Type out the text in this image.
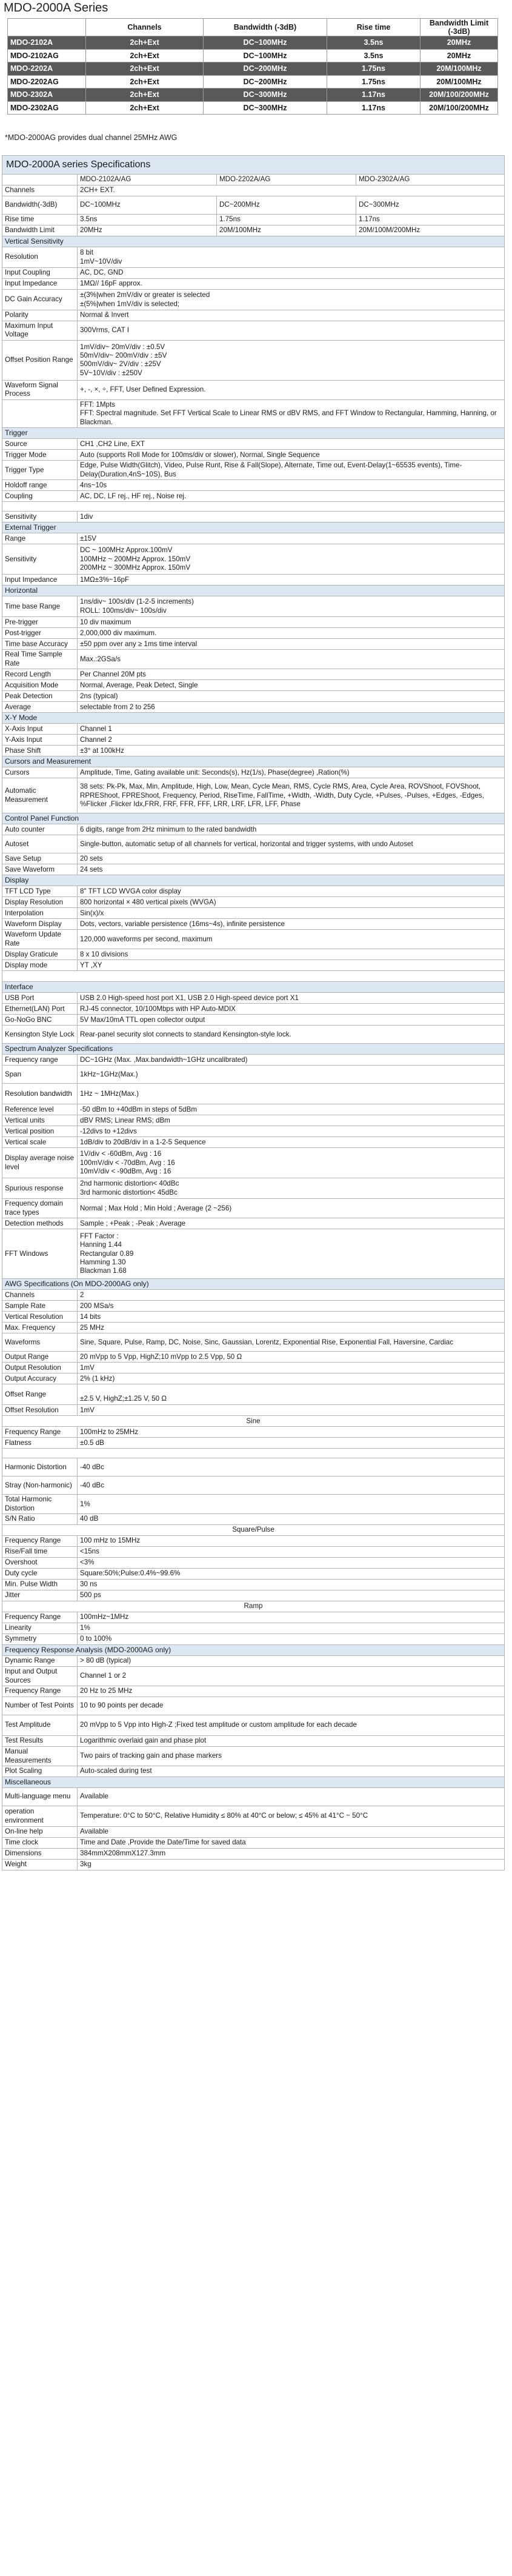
MDO-2000A Series
	Channels	Bandwidth (-3dB)	Rise time	Bandwidth Limit (-3dB)
MDO-2102A	2ch+Ext	DC~100MHz	3.5ns	20MHz
MDO-2102AG	2ch+Ext	DC~100MHz	3.5ns	20MHz
MDO-2202A	2ch+Ext	DC~200MHz	1.75ns	20M/100MHz
MDO-2202AG	2ch+Ext	DC~200MHz	1.75ns	20M/100MHz
MDO-2302A	2ch+Ext	DC~300MHz	1.17ns	20M/100/200MHz
MDO-2302AG	2ch+Ext	DC~300MHz	1.17ns	20M/100/200MHz
*MDO-2000AG provides dual channel 25MHz AWG
MDO-2000A series Specifications			
	MDO-2102A/AG	MDO-2202A/AG	MDO-2302A/AG
Channels	2CH+ EXT.		
Bandwidth(-3dB)	DC~100MHz	DC~200MHz	DC~300MHz
Rise time	3.5ns	1.75ns	1.17ns
Bandwidth Limit	20MHz	20M/100MHz	20M/100M/200MHz
Vertical Sensitivity			
Resolution	8 bit
1mV~10V/div		
Input Coupling	AC, DC, GND		
Input Impedance	1MΩ// 16pF approx.		
DC Gain Accuracy	±(3%|when 2mV/div or greater is selected
±(5%|when 1mV/div is selected;		
Polarity	Normal & Invert		
Maximum Input Voltage	300Vrms, CAT I		
Offset Position Range	1mV/div~ 20mV/div : ±0.5V
50mV/div~ 200mV/div : ±5V
500mV/div~ 2V/div : ±25V
5V~10V/div : ±250V		
Waveform Signal Process	+, -, ×, ÷, FFT, User Defined Expression.		
	FFT: 1Mpts
FFT: Spectral magnitude. Set FFT Vertical Scale to Linear RMS or dBV RMS, and FFT Window to Rectangular, Hamming, Hanning, or Blackman.		
Trigger			
Source	CH1 ,CH2 Line, EXT		
Trigger Mode	Auto (supports Roll Mode for 100ms/div or slower), Normal, Single Sequence		
Trigger Type	Edge, Pulse Width(Glitch), Video, Pulse Runt, Rise & Fall(Slope), Alternate, Time out, Event-Delay(1~65535 events), Time-Delay(Duration,4nS~10S), Bus		
Holdoff range	4ns~10s		
Coupling	AC, DC, LF rej., HF rej., Noise rej.		

Sensitivity	1div		
External Trigger			
Range	±15V		
Sensitivity	DC ~ 100MHz Approx.100mV
100MHz ~ 200MHz Approx. 150mV
200MHz ~ 300MHz Approx. 150mV		
Input Impedance	1MΩ±3%~16pF		
Horizontal			
Time base Range	1ns/div~ 100s/div (1-2-5 increments)
ROLL: 100ms/div~ 100s/div		
Pre-trigger	10 div maximum		
Post-trigger	2,000,000 div maximum.		
Time base Accuracy	±50 ppm over any ≥ 1ms time interval		
Real Time Sample Rate	Max.:2GSa/s		
Record Length	Per Channel 20M pts		
Acquisition Mode	Normal, Average, Peak Detect, Single		
Peak Detection	2ns (typical)		
Average	selectable from 2 to 256		
X-Y Mode			
X-Axis Input	Channel 1		
Y-Axis Input	Channel 2		
Phase Shift	±3° at 100kHz		
Cursors and Measurement			
Cursors	Amplitude, Time, Gating available unit: Seconds(s), Hz(1/s), Phase(degree) ,Ration(%)		
Automatic Measurement	38 sets: Pk-Pk, Max, Min, Amplitude, High, Low, Mean, Cycle Mean, RMS, Cycle RMS, Area, Cycle Area, ROVShoot, FOVShoot, RPREShoot, FPREShoot, Frequency, Period, RiseTime, FallTime, +Width, -Width, Duty Cycle, +Pulses, -Pulses, +Edges, -Edges, %Flicker ,Flicker Idx,FRR, FRF, FFR, FFF, LRR, LRF, LFR, LFF, Phase		
Control Panel Function			
Auto counter	6 digits, range from 2Hz minimum to the rated bandwidth		
Autoset	Single-button, automatic setup of all channels for vertical, horizontal and trigger systems, with undo Autoset		
Save Setup	20 sets		
Save Waveform	24 sets		
Display			
TFT LCD Type	8" TFT LCD WVGA color display		
Display Resolution	800 horizontal × 480 vertical pixels (WVGA)		
Interpolation	Sin(x)/x		
Waveform Display	Dots, vectors, variable persistence (16ms~4s), infinite persistence		
Waveform Update Rate	120,000 waveforms per second, maximum		
Display Graticule	8 x 10 divisions		
Display mode	YT ,XY		

Interface			
USB Port	USB 2.0 High-speed host port X1, USB 2.0 High-speed device port X1		
Ethernet(LAN) Port	RJ-45 connector, 10/100Mbps with HP Auto-MDIX		
Go-NoGo BNC	5V Max/10mA TTL open collector output		
Kensington Style Lock	Rear-panel security slot connects to standard Kensington-style lock.		
Spectrum Analyzer Specifications			
Frequency range	DC~1GHz (Max. ,Max.bandwidth~1GHz uncalibrated)		
Span	1kHz~1GHz(Max.)		
Resolution bandwidth	1Hz ~ 1MHz(Max.)		
Reference level	-50 dBm to +40dBm in steps of 5dBm		
Vertical units	dBV RMS; Linear RMS; dBm		
Vertical position	-12divs to +12divs		
Vertical scale	1dB/div to 20dB/div in a 1-2-5 Sequence		
Display average noise level	1V/div < -60dBm, Avg : 16
100mV/div < -70dBm, Avg : 16
10mV/div < -90dBm, Avg : 16		
Spurious response	2nd harmonic distortion< 40dBc
3rd harmonic distortion< 45dBc		
Frequency domain trace types	Normal ; Max Hold ; Min Hold ; Average (2 ~256)		
Detection methods	Sample ; +Peak ; -Peak ; Average		
FFT Windows	FFT Factor :
Hanning 1.44
Rectangular 0.89
Hamming 1.30
Blackman 1.68		
AWG Specifications (On MDO-2000AG only)			
Channels	2		
Sample Rate	200 MSa/s		
Vertical Resolution	14 bits		
Max. Frequency	25 MHz		
Waveforms	Sine, Square, Pulse, Ramp, DC, Noise, Sinc, Gaussian, Lorentz, Exponential Rise, Exponential Fall, Haversine, Cardiac		
Output Range	20 mVpp to 5 Vpp, HighZ;10 mVpp to 2.5 Vpp, 50 Ω		
Output Resolution	1mV		
Output Accuracy	2% (1 kHz)		
Offset Range	
±2.5 V, HighZ;±1.25 V, 50 Ω		
Offset Resolution	1mV		
Sine			
Frequency Range	100mHz to 25MHz		
Flatness	±0.5 dB		

Harmonic Distortion	-40 dBc		
Stray (Non-harmonic)	-40 dBc		
Total Harmonic Distortion	1%		
S/N Ratio	40 dB		
Square/Pulse			
Frequency Range	100 mHz to 15MHz		
Rise/Fall time	<15ns		
Overshoot	<3%		
Duty cycle	Square:50%;Pulse:0.4%~99.6%		
Min. Pulse Width	30 ns		
Jitter	500 ps		
Ramp			
Frequency Range	100mHz~1MHz		
Linearity	1%		
Symmetry	0 to 100%		
Frequency Response Analysis (MDO-2000AG only)			
Dynamic Range	> 80 dB (typical)		
Input and Output Sources	Channel 1 or 2		
Frequency Range	20 Hz to 25 MHz		
Number of Test Points	10 to 90 points per decade		
Test Amplitude	20 mVpp to 5 Vpp into High-Z ;Fixed test amplitude or custom amplitude for each decade		
Test Results	Logarithmic overlaid gain and phase plot		
Manual Measurements	Two pairs of tracking gain and phase markers		
Plot Scaling	Auto-scaled during test		
Miscellaneous			
Multi-language menu	Available		
operation environment	Temperature: 0°C to 50°C, Relative Humidity ≤ 80% at 40°C or below; ≤ 45% at 41°C ~ 50°C		
On-line help	Available		
Time clock	Time and Date ,Provide the Date/Time for saved data		
Dimensions	384mmX208mmX127.3mm		
Weight	3kg		
